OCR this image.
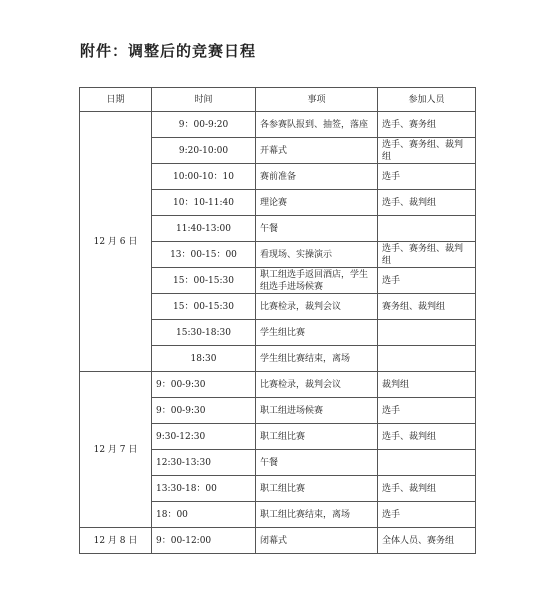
附件：调整后的竞赛日程
日期	时间	事项	参加人员
12 月 6 日	9：00-9:20	各参赛队报到、抽签，落座	选手、赛务组
	9:20-10:00	开幕式	选手、赛务组、裁判组
	10:00-10：10	赛前准备	选手
	10：10-11:40	理论赛	选手、裁判组
	11:40-13:00	午餐	
	13：00-15：00	看现场、实操演示	选手、赛务组、裁判组
	15：00-15:30	职工组选手返回酒店，学生组选手进场候赛	选手
	15：00-15:30	比赛检录，裁判会议	赛务组、裁判组
	15:30-18:30	学生组比赛	
	18:30	学生组比赛结束，离场	
12 月 7 日	9：00-9:30	比赛检录，裁判会议	裁判组
	9：00-9:30	职工组进场候赛	选手
	9:30-12:30	职工组比赛	选手、裁判组
	12:30-13:30	午餐	
	13:30-18：00	职工组比赛	选手、裁判组
	18：00	职工组比赛结束，离场	选手
12 月 8 日	9：00-12:00	闭幕式	全体人员、赛务组
